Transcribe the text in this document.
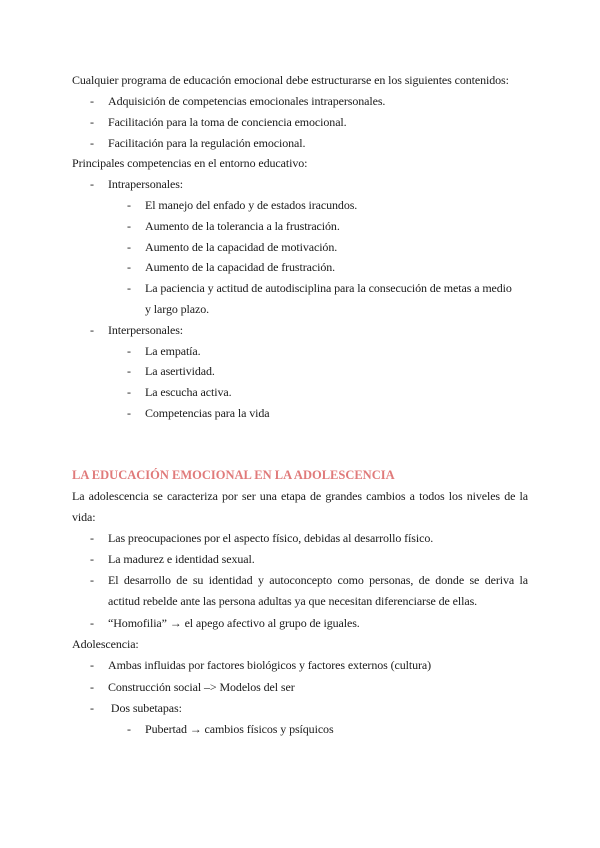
Cualquier programa de educación emocional debe estructurarse en los siguientes contenidos:
- Adquisición de competencias emocionales intrapersonales.
- Facilitación para la toma de conciencia emocional.
- Facilitación para la regulación emocional.
Principales competencias en el entorno educativo:
- Intrapersonales:
- El manejo del enfado y de estados iracundos.
- Aumento de la tolerancia a la frustración.
- Aumento de la capacidad de motivación.
- Aumento de la capacidad de frustración.
- La paciencia y actitud de autodisciplina para la consecución de metas a medio
y largo plazo.
- Interpersonales:
- La empatía.
- La asertividad.
- La escucha activa.
- Competencias para la vida
LA EDUCACIÓN EMOCIONAL EN LA ADOLESCENCIA
La adolescencia se caracteriza por ser una etapa de grandes cambios a todos los niveles de la
vida:
- Las preocupaciones por el aspecto físico, debidas al desarrollo físico.
- La madurez e identidad sexual.
- El desarrollo de su identidad y autoconcepto como personas, de donde se deriva la
actitud rebelde ante las persona adultas ya que necesitan diferenciarse de ellas.
- “Homofilia” → el apego afectivo al grupo de iguales.
Adolescencia:
- Ambas influidas por factores biológicos y factores externos (cultura)
- Construcción social –> Modelos del ser
- Dos subetapas:
- Pubertad → cambios físicos y psíquicos
